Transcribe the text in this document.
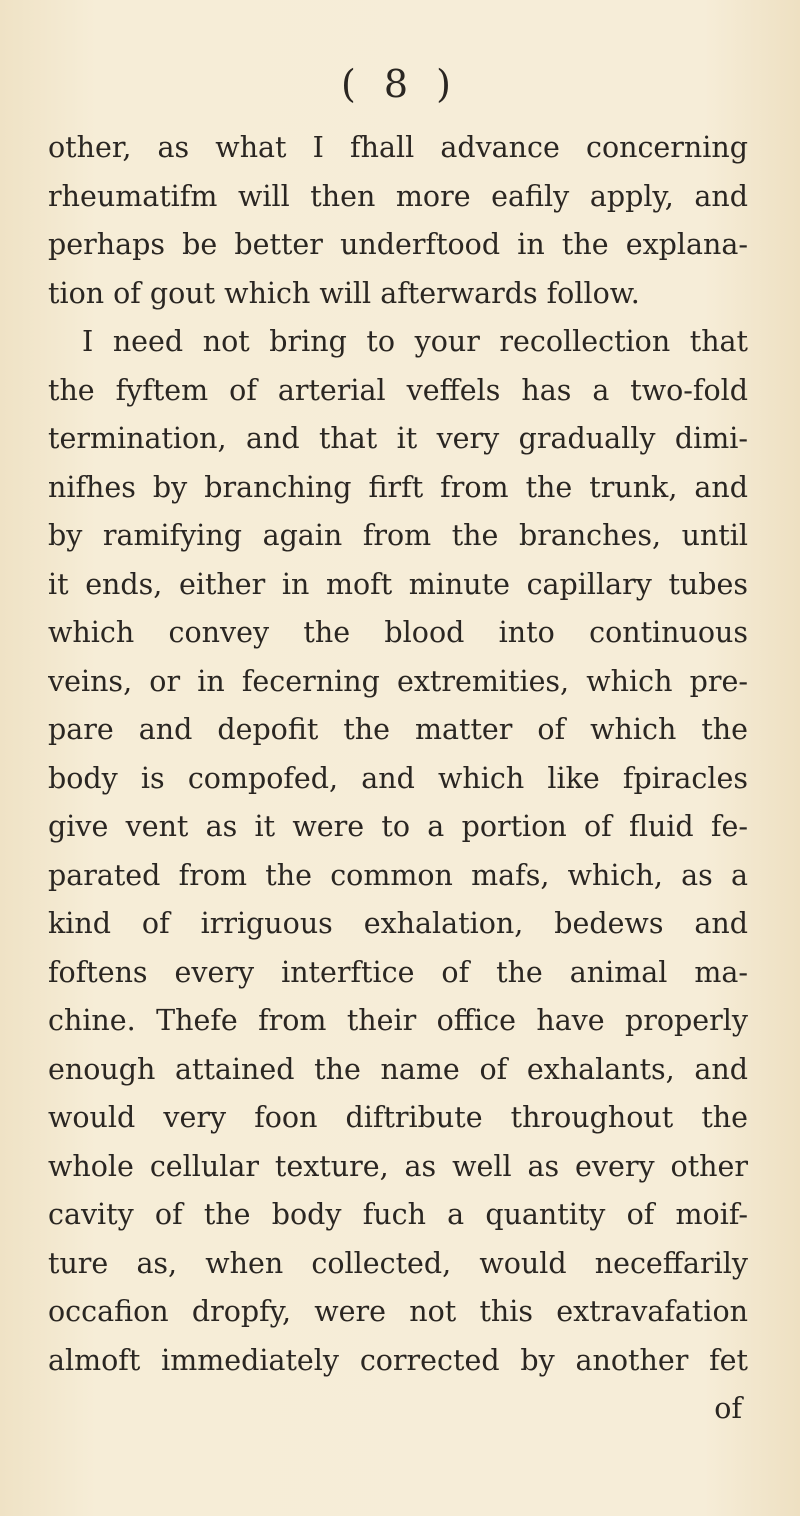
( 8 )
other, as what I fhall advance concerning
rheumatifm will then more eafily apply, and
perhaps be better underftood in the explana-
tion of gout which will afterwards follow.
I need not bring to your recollection that
the fyftem of arterial veffels has a two-fold
termination, and that it very gradually dimi-
nifhes by branching firft from the trunk, and
by ramifying again from the branches, until
it ends, either in moft minute capillary tubes
which convey the blood into continuous
veins, or in fecerning extremities, which pre-
pare and depofit the matter of which the
body is compofed, and which like fpiracles
give vent as it were to a portion of fluid fe-
parated from the common mafs, which, as a
kind of irriguous exhalation, bedews and
foftens every interftice of the animal ma-
chine. Thefe from their office have properly
enough attained the name of exhalants, and
would very foon diftribute throughout the
whole cellular texture, as well as every other
cavity of the body fuch a quantity of moif-
ture as, when collected, would neceffarily
occafion dropfy, were not this extravafation
almoft immediately corrected by another fet
of
